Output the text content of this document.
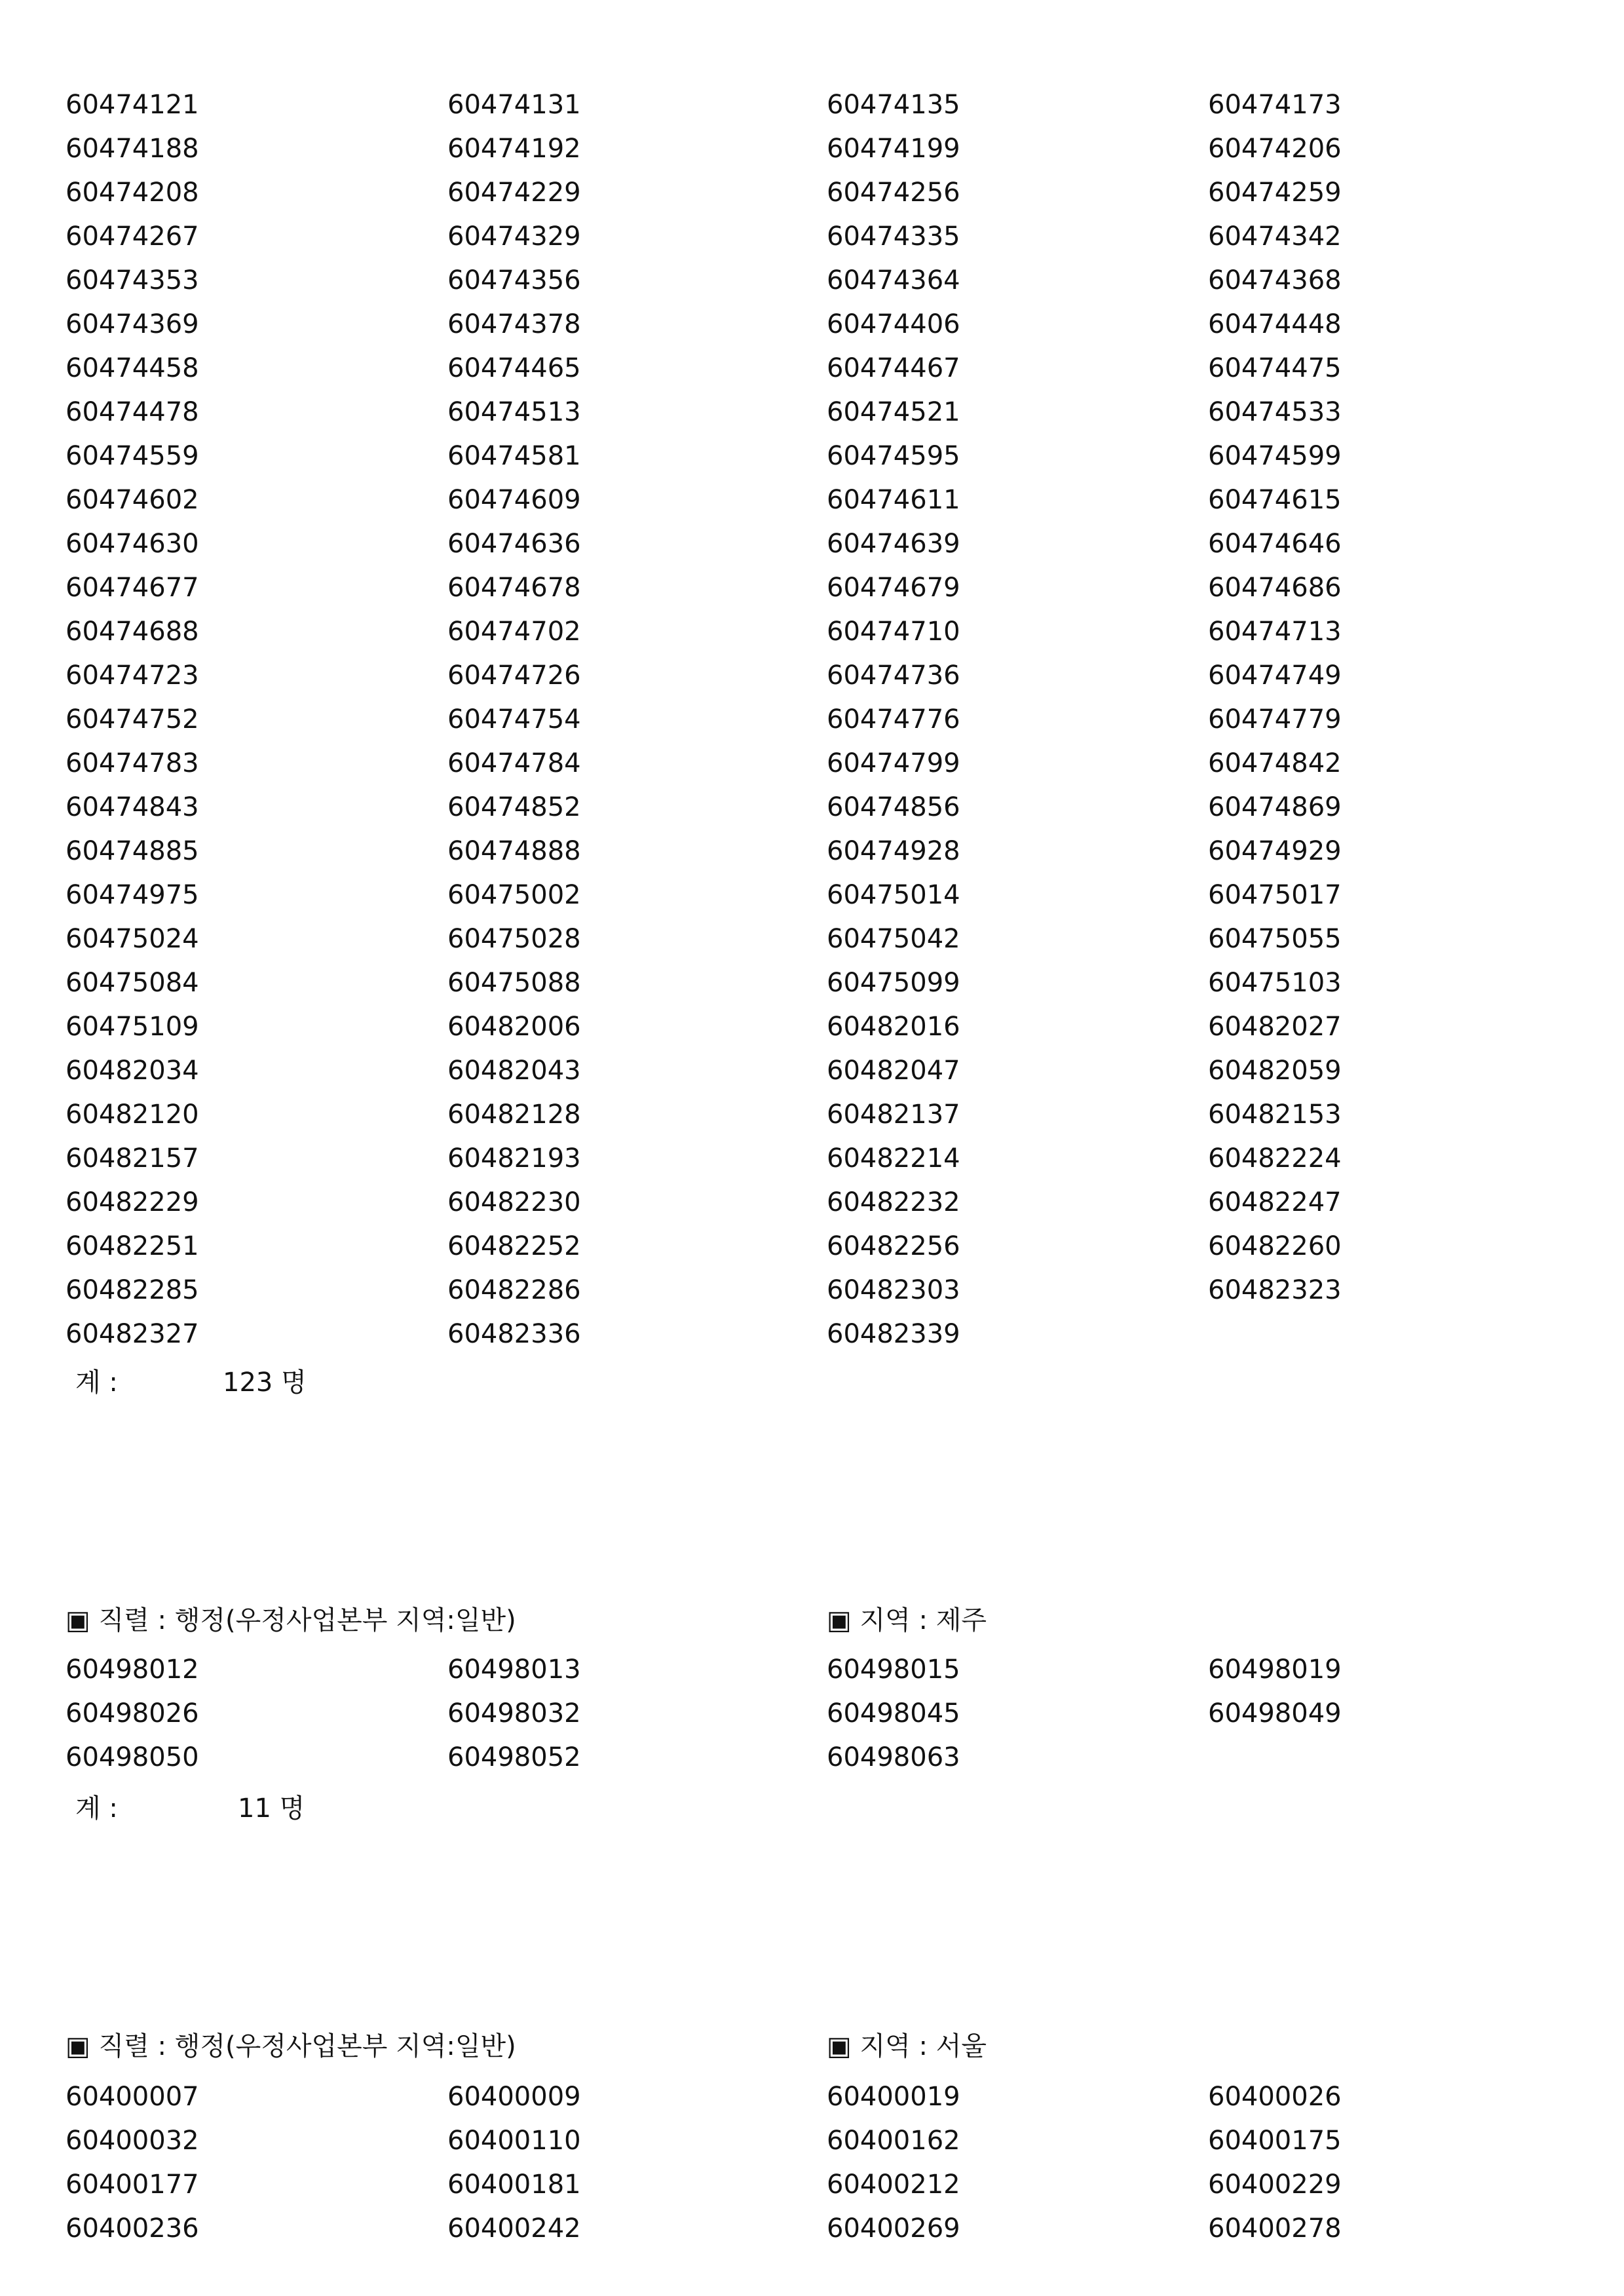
60474121	60474131	60474135	60474173
60474188	60474192	60474199	60474206
60474208	60474229	60474256	60474259
60474267	60474329	60474335	60474342
60474353	60474356	60474364	60474368
60474369	60474378	60474406	60474448
60474458	60474465	60474467	60474475
60474478	60474513	60474521	60474533
60474559	60474581	60474595	60474599
60474602	60474609	60474611	60474615
60474630	60474636	60474639	60474646
60474677	60474678	60474679	60474686
60474688	60474702	60474710	60474713
60474723	60474726	60474736	60474749
60474752	60474754	60474776	60474779
60474783	60474784	60474799	60474842
60474843	60474852	60474856	60474869
60474885	60474888	60474928	60474929
60474975	60475002	60475014	60475017
60475024	60475028	60475042	60475055
60475084	60475088	60475099	60475103
60475109	60482006	60482016	60482027
60482034	60482043	60482047	60482059
60482120	60482128	60482137	60482153
60482157	60482193	60482214	60482224
60482229	60482230	60482232	60482247
60482251	60482252	60482256	60482260
60482285	60482286	60482303	60482323
60482327	60482336	60482339
계 :	123 명
▣ 직렬 : 행정(우정사업본부 지역:일반)	▣ 지역 : 제주
60498012	60498013	60498015	60498019
60498026	60498032	60498045	60498049
60498050	60498052	60498063
계 :	11 명
▣ 직렬 : 행정(우정사업본부 지역:일반)	▣ 지역 : 서울
60400007	60400009	60400019	60400026
60400032	60400110	60400162	60400175
60400177	60400181	60400212	60400229
60400236	60400242	60400269	60400278
